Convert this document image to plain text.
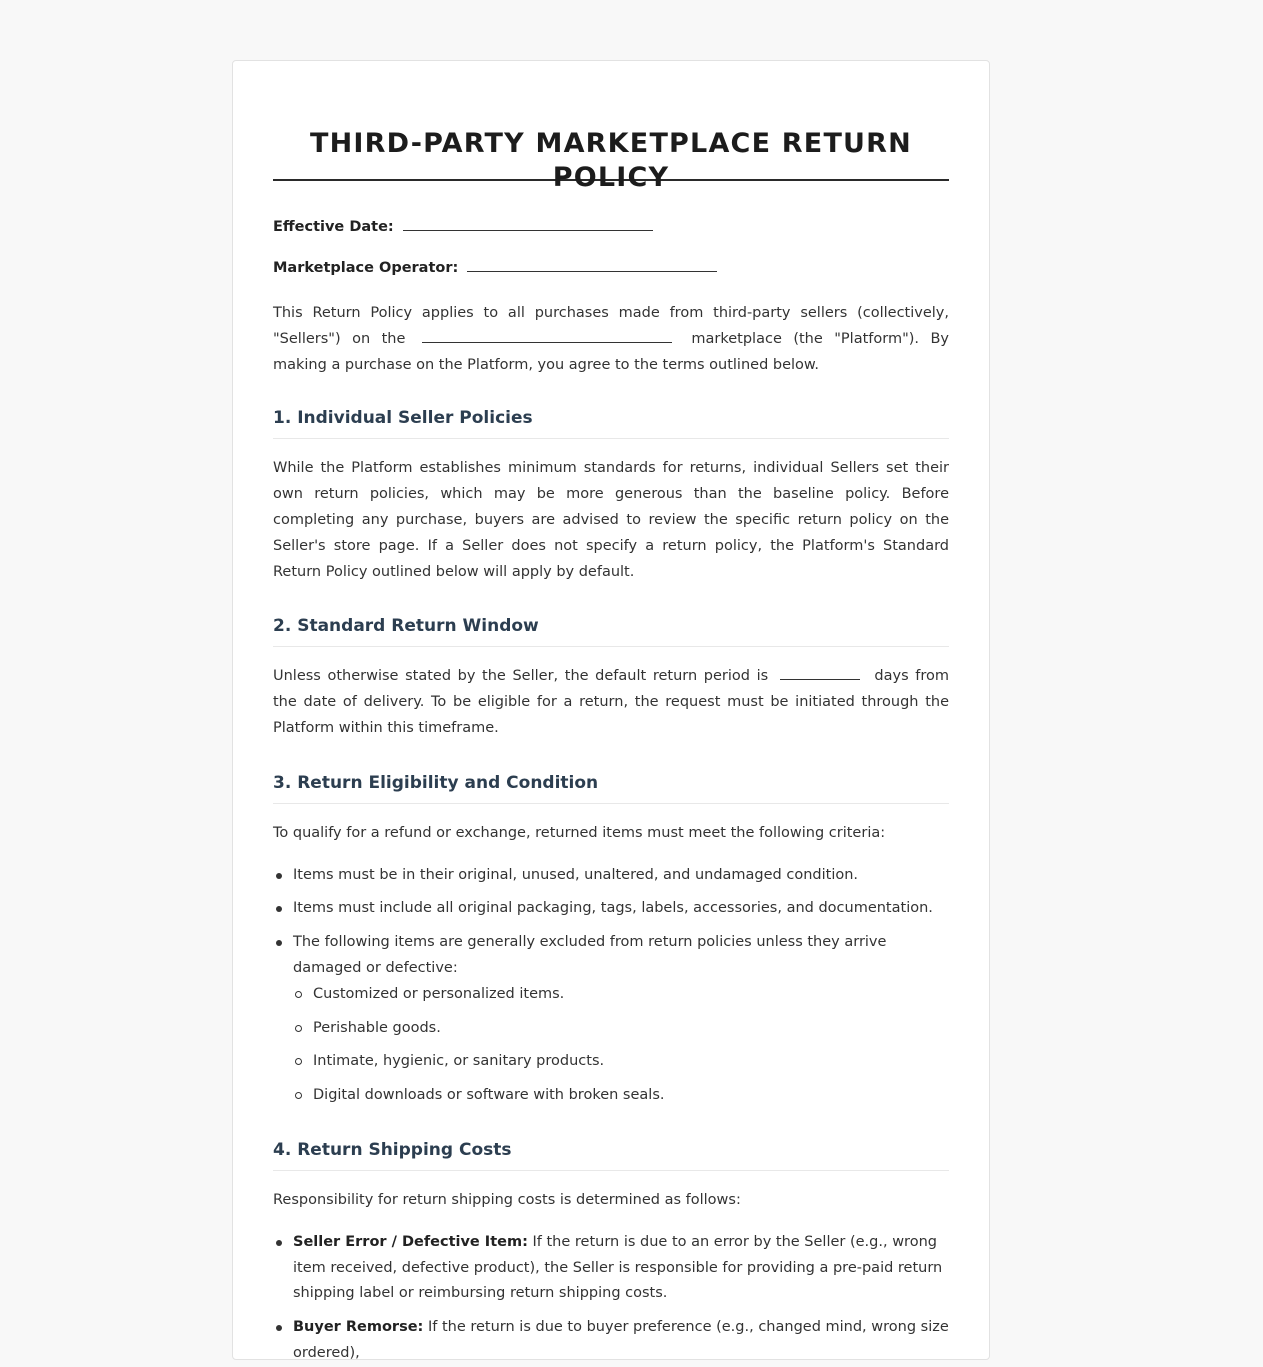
THIRD-PARTY MARKETPLACE RETURN POLICY
Effective Date:
Marketplace Operator:

This Return Policy applies to all purchases made from third-party sellers (collectively, "Sellers") on the	marketplace (the "Platform"). By making a purchase on the Platform, you agree to the terms outlined below.

1. Individual Seller Policies

While the Platform establishes minimum standards for returns, individual Sellers set their own return policies, which may be more generous than the baseline policy. Before completing any purchase, buyers are advised to review the specific return policy on the Seller's store page. If a Seller does not specify a return policy, the Platform's Standard Return Policy outlined below will apply by default.

2. Standard Return Window

Unless otherwise stated by the Seller, the default return period is	days from the date of delivery. To be eligible for a return, the request must be initiated through the Platform within this timeframe.

3. Return Eligibility and Condition

To qualify for a refund or exchange, returned items must meet the following criteria:

Items must be in their original, unused, unaltered, and undamaged condition.
Items must include all original packaging, tags, labels, accessories, and documentation.
The following items are generally excluded from return policies unless they arrive damaged or defective:
Customized or personalized items.
Perishable goods.
Intimate, hygienic, or sanitary products.
Digital downloads or software with broken seals.
4. Return Shipping Costs

Responsibility for return shipping costs is determined as follows:

Seller Error / Defective Item: If the return is due to an error by the Seller (e.g., wrong item received, defective product), the Seller is responsible for providing a pre-paid return shipping label or reimbursing return shipping costs.
Buyer Remorse: If the return is due to buyer preference (e.g., changed mind, wrong size ordered),
